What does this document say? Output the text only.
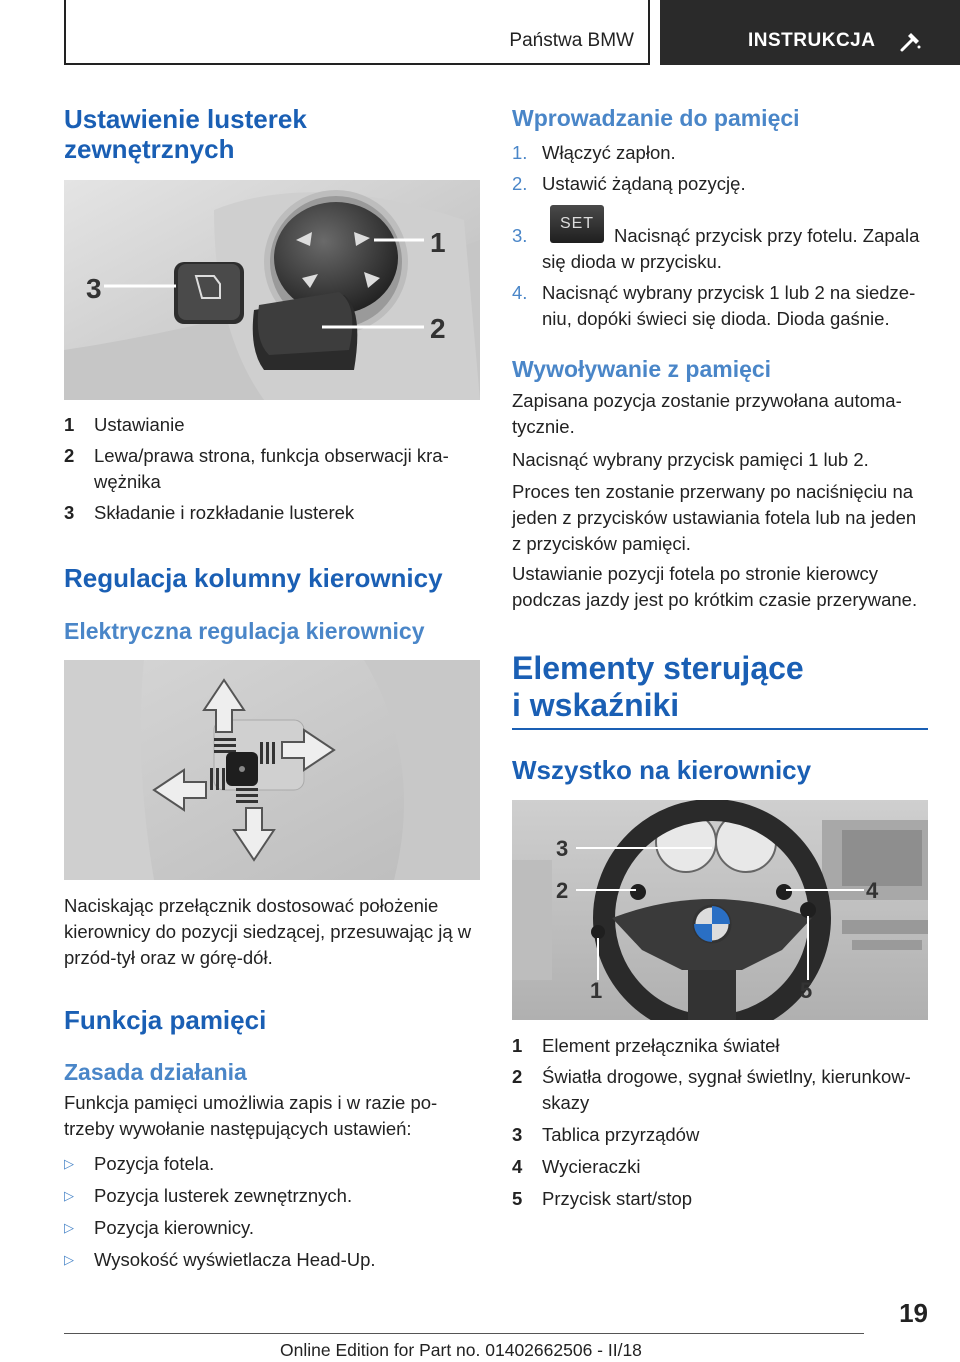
Państwa BMW	INSTRUKCJA
Ustawienie lusterek zewnętrznych
1
2
3
1 Ustawianie
2 Lewa/prawa strona, funkcja obserwacji kra-wężnika
3 Składanie i rozkładanie lusterek
Regulacja kolumny kierownicy
Elektryczna regulacja kierownicy
Naciskając przełącznik dostosować położenie kierownicy do pozycji siedzącej, przesuwając ją w przód-tył oraz w górę-dół.
Funkcja pamięci
Zasada działania
Funkcja pamięci umożliwia zapis i w razie po-trzeby wywołanie następujących ustawień:
▷ Pozycja fotela.
▷ Pozycja lusterek zewnętrznych.
▷ Pozycja kierownicy.
▷ Wysokość wyświetlacza Head-Up.
Wprowadzanie do pamięci
1. Włączyć zapłon.
2. Ustawić żądaną pozycję.
3.
SET
Nacisnąć przycisk przy fotelu. Zapala się dioda w przycisku.
4. Nacisnąć wybrany przycisk 1 lub 2 na siedze-niu, dopóki świeci się dioda. Dioda gaśnie.
Wywoływanie z pamięci
Zapisana pozycja zostanie przywołana automa-tycznie.
Nacisnąć wybrany przycisk pamięci 1 lub 2.
Proces ten zostanie przerwany po naciśnięciu na jeden z przycisków ustawiania fotela lub na jeden z przycisków pamięci.
Ustawianie pozycji fotela po stronie kierowcy podczas jazdy jest po krótkim czasie przerywane.
Elementy sterujące
i wskaźniki
Wszystko na kierownicy
3
2	4
1	5
1 Element przełącznika świateł
2 Światła drogowe, sygnał świetlny, kierunkow-skazy
3 Tablica przyrządów
4 Wycieraczki
5 Przycisk start/stop
19
Online Edition for Part no. 01402662506 - II/18
